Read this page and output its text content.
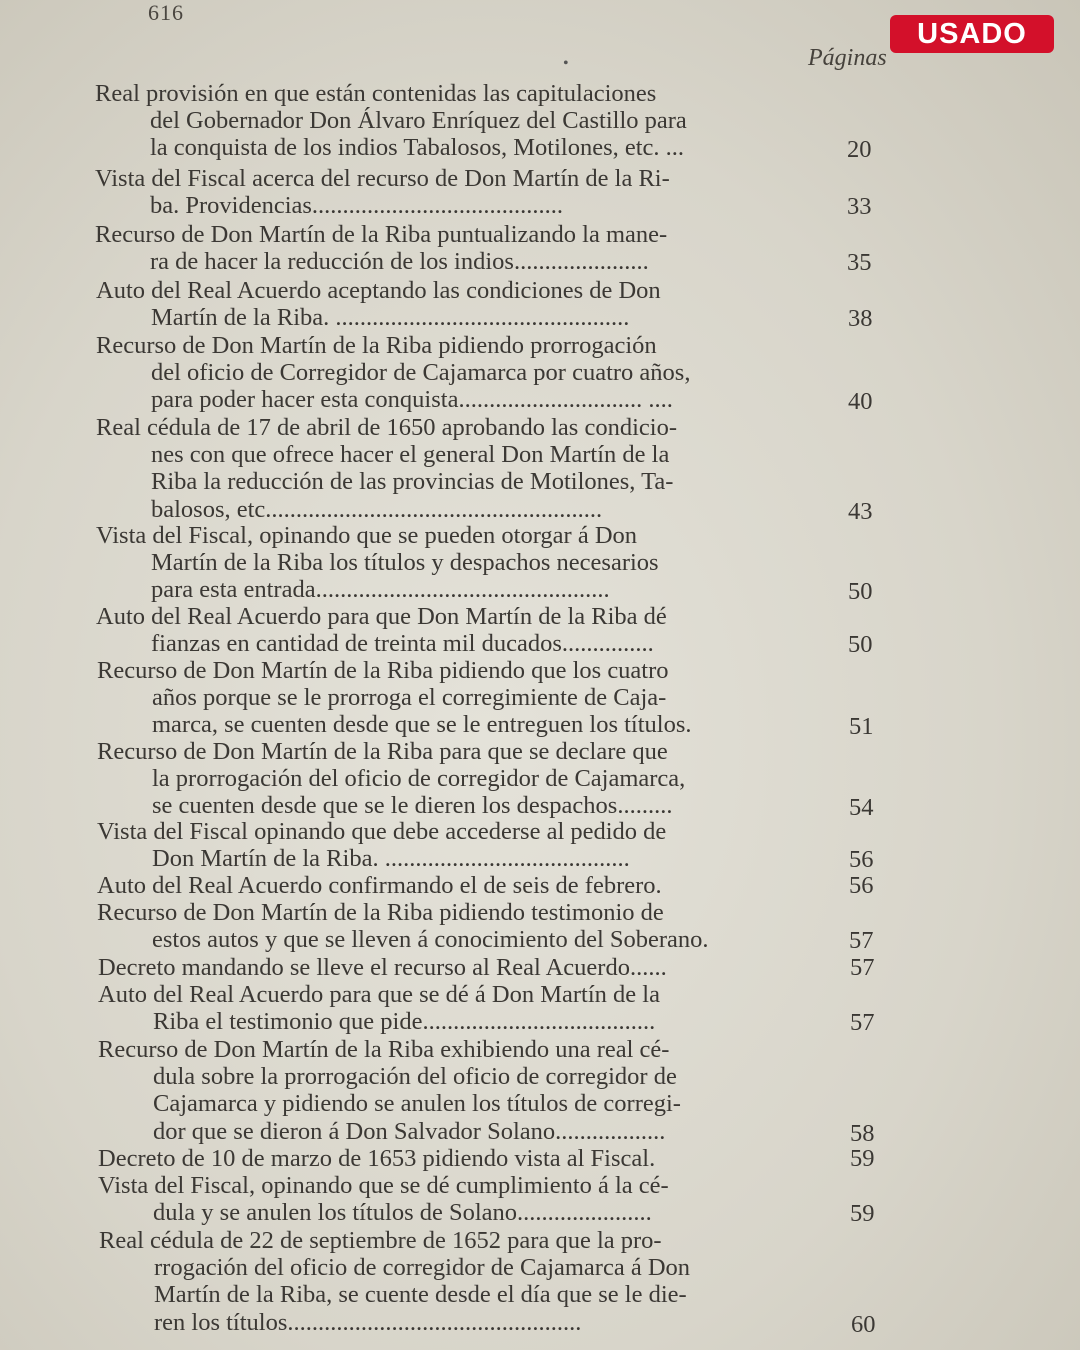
616
•	Páginas
USADO
Real provisión en que están contenidas las capitulaciones
del Gobernador Don Álvaro Enríquez del Castillo para
la conquista de los indios Tabalosos, Motilones, etc. ...	20
Vista del Fiscal acerca del recurso de Don Martín de la Ri-
ba. Providencias.........................................	33
Recurso de Don Martín de la Riba puntualizando la mane-
ra de hacer la reducción de los indios......................	35
Auto del Real Acuerdo aceptando las condiciones de Don
Martín de la Riba. ................................................	38
Recurso de Don Martín de la Riba pidiendo prorrogación
del oficio de Corregidor de Cajamarca por cuatro años,
para poder hacer esta conquista.............................. ....	40
Real cédula de 17 de abril de 1650 aprobando las condicio-
nes con que ofrece hacer el general Don Martín de la
Riba la reducción de las provincias de Motilones, Ta-
balosos, etc.......................................................	43
Vista del Fiscal, opinando que se pueden otorgar á Don
Martín de la Riba los títulos y despachos necesarios
para esta entrada................................................	50
Auto del Real Acuerdo para que Don Martín de la Riba dé
fianzas en cantidad de treinta mil ducados...............	50
Recurso de Don Martín de la Riba pidiendo que los cuatro
años porque se le prorroga el corregimiente de Caja-
marca, se cuenten desde que se le entreguen los títulos.	51
Recurso de Don Martín de la Riba para que se declare que
la prorrogación del oficio de corregidor de Cajamarca,
se cuenten desde que se le dieren los despachos.........	54
Vista del Fiscal opinando que debe accederse al pedido de
Don Martín de la Riba. ........................................	56
Auto del Real Acuerdo confirmando el de seis de febrero.	56
Recurso de Don Martín de la Riba pidiendo testimonio de
estos autos y que se lleven á conocimiento del Soberano.	57
Decreto mandando se lleve el recurso al Real Acuerdo......	57
Auto del Real Acuerdo para que se dé á Don Martín de la
Riba el testimonio que pide......................................	57
Recurso de Don Martín de la Riba exhibiendo una real cé-
dula sobre la prorrogación del oficio de corregidor de
Cajamarca y pidiendo se anulen los títulos de corregi-
dor que se dieron á Don Salvador Solano..................	58
Decreto de 10 de marzo de 1653 pidiendo vista al Fiscal.	59
Vista del Fiscal, opinando que se dé cumplimiento á la cé-
dula y se anulen los títulos de Solano......................	59
Real cédula de 22 de septiembre de 1652 para que la pro-
rrogación del oficio de corregidor de Cajamarca á Don
Martín de la Riba, se cuente desde el día que se le die-
ren los títulos................................................	60
